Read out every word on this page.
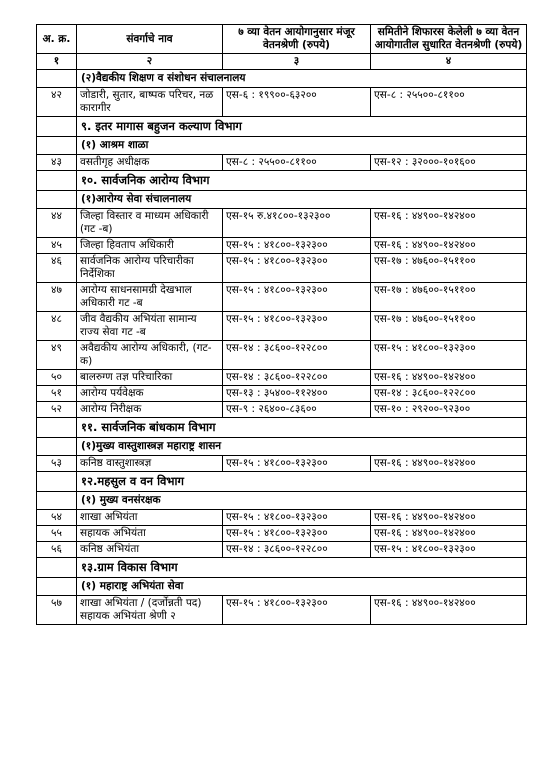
अ. क्र.	संवर्गाचे नाव	७ व्या वेतन आयोगानुसार मंजूर वेतनश्रेणी (रुपये)	समितीने शिफारस केलेली ७ व्या वेतन आयोगातील सुधारित वेतनश्रेणी (रुपये)
१	२	३	४
	(२)वैद्यकीय शिक्षण व संशोधन संचालनालय		
४२	जोडारी, सुतार, बाष्पक परिचर, नळ कारागीर	एस-६ : १९९००-६३२००	एस-८ : २५५००-८११००
	९. इतर मागास बहुजन कल्याण विभाग		
	(१) आश्रम शाळा		
४३	वसतीगृह अधीक्षक	एस-८ : २५५००-८११००	एस-१२ : ३२०००-१०१६००
	१०. सार्वजनिक आरोग्य विभाग		
	(१)आरोग्य सेवा संचालनालय		
४४	जिल्हा विस्तार व माध्यम अधिकारी (गट -ब)	एस-१५ रु.४१८००-१३२३००	एस-१६ : ४४९००-१४२४००
४५	जिल्हा हिवताप अधिकारी	एस-१५ : ४१८००-१३२३००	एस-१६ : ४४९००-१४२४००
४६	सार्वजनिक आरोग्य परिचारीका निर्देशिका	एस-१५ : ४१८००-१३२३००	एस-१७ : ४७६००-१५११००
४७	आरोग्य साधनसामग्री देखभाल अधिकारी गट -ब	एस-१५ : ४१८००-१३२३००	एस-१७ : ४७६००-१५११००
४८	जीव वैद्यकीय अभियंता सामान्य राज्य सेवा गट -ब	एस-१५ : ४१८००-१३२३००	एस-१७ : ४७६००-१५११००
४९	अवैद्यकीय आरोग्य अधिकारी, (गट-क)	एस-१४ : ३८६००-१२२८००	एस-१५ : ४१८००-१३२३००
५०	बालरुग्ण तज्ञ परिचारिका	एस-१४ : ३८६००-१२२८००	एस-१६ : ४४९००-१४२४००
५१	आरोग्य पर्यवेक्षक	एस-१३ : ३५४००-११२४००	एस-१४ : ३८६००-१२२८००
५२	आरोग्य निरीक्षक	एस-९ : २६४००-८३६००	एस-१० : २९२००-९२३००
	११. सार्वजनिक बांधकाम विभाग		
	(१)मुख्य वास्तुशास्त्रज्ञ महाराष्ट्र शासन		
५३	कनिष्ठ वास्तुशास्त्रज्ञ	एस-१५ : ४१८००-१३२३००	एस-१६ : ४४९००-१४२४००
	१२.महसुल व वन विभाग		
	(१) मुख्य वनसंरक्षक		
५४	शाखा अभियंता	एस-१५ : ४१८००-१३२३००	एस-१६ : ४४९००-१४२४००
५५	सहायक अभियंता	एस-१५ : ४१८००-१३२३००	एस-१६ : ४४९००-१४२४००
५६	कनिष्ठ अभियंता	एस-१४ : ३८६००-१२२८००	एस-१५ : ४१८००-१३२३००
	१३.ग्राम विकास विभाग		
	(१) महाराष्ट्र अभियंता सेवा		
५७	शाखा अभियंता / (दर्जोन्नती पद) सहायक अभियंता श्रेणी २	एस-१५ : ४१८००-१३२३००	एस-१६ : ४४९००-१४२४००
